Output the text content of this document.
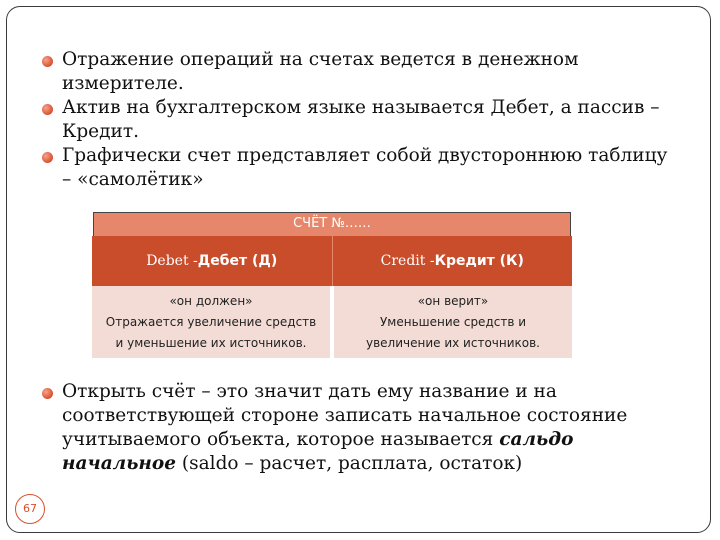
Отражение операций на счетах ведется в денежном измерителе.
Актив на бухгалтерском языке называется Дебет, а пассив – Кредит.
Графически счет представляет собой двустороннюю таблицу – «самолётик»
СЧЁТ №……
Debet - Дебет (Д)	Credit - Кредит (К)
«он должен»
Отражается увеличение средств
и уменьшение их источников.
«он верит»
Уменьшение средств и
увеличение их источников.
Открыть счёт – это значит дать ему название и на соответствующей стороне записать начальное состояние учитываемого объекта, которое называется сальдо начальное (saldo – расчет, расплата, остаток)
67
